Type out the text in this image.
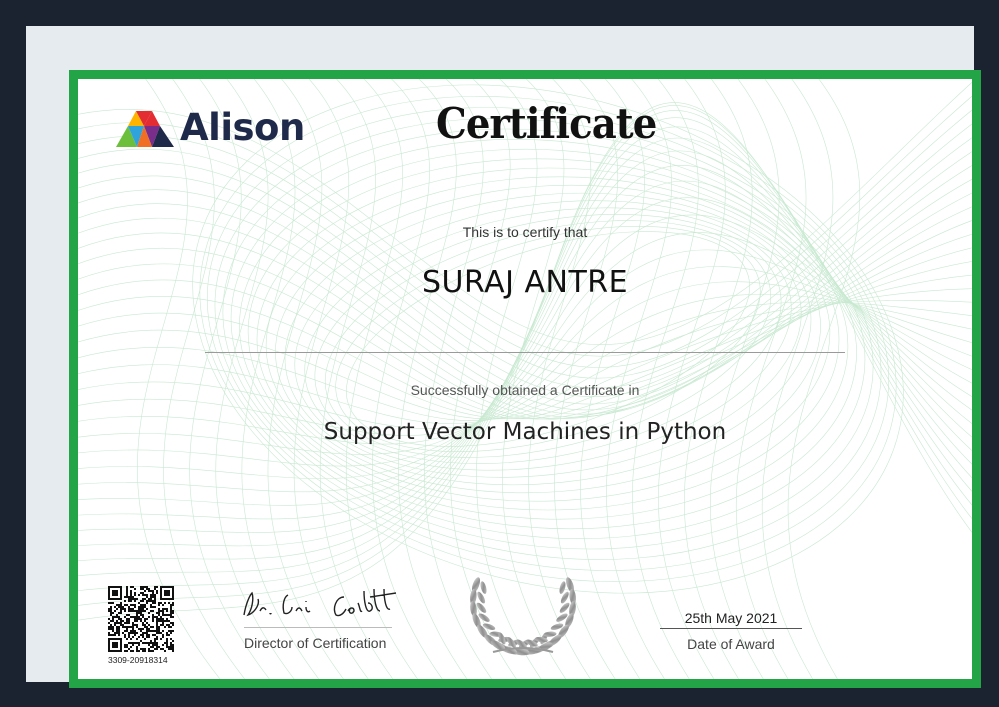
Alison	Certificate
This is to certify that
SURAJ ANTRE
Successfully obtained a Certificate in
Support Vector Machines in Python
3309-20918314
Director of Certification
25th May 2021
Date of Award
